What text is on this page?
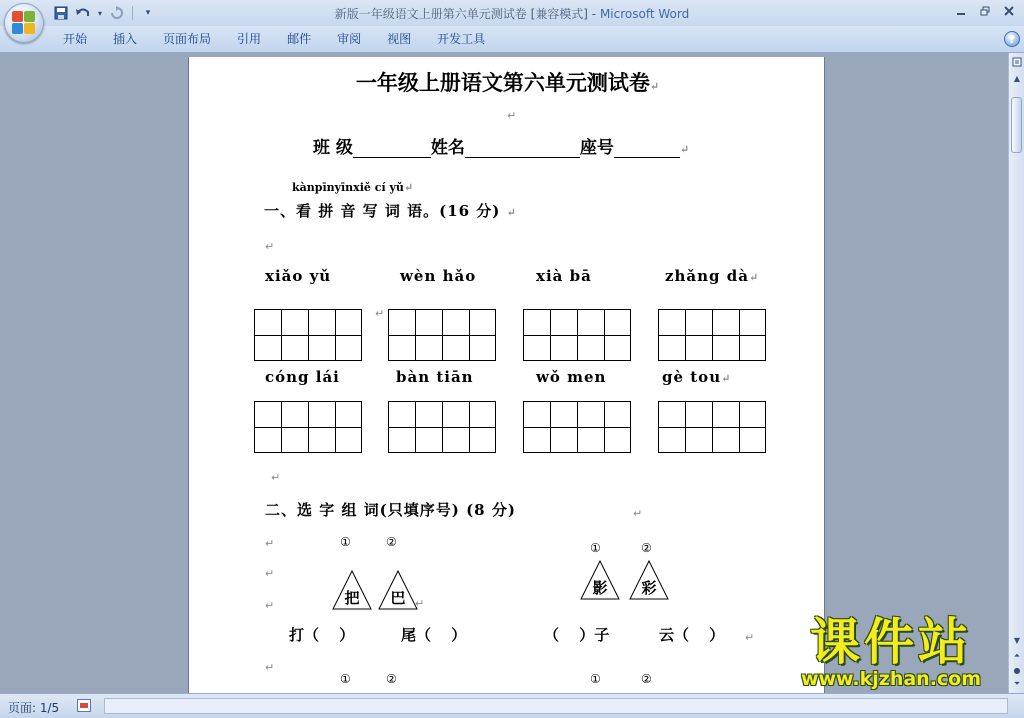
▾	▾	新版一年级语文上册第六单元测试卷 [兼容模式] - Microsoft Word
开始	插入	页面布局	引用	邮件	审阅	视图	开发工具	?
一年级上册语文第六单元测试卷↵
↵
班 级	姓名	座号	↵
kànpīnyīnxiě cí yǔ↵
一、看 拼 音 写 词 语。(16 分) ↵
↵
xiǎo yǔ	wèn hǎo	xià bā	zhǎng dà↵
↵
cóng lái	bàn tiān	wǒ men	gè tou↵
↵
二、选 字 组 词(只填序号) (8 分)	↵
↵
↵
↵
①	②	①	②
把	巴
影	彩
↵
打（　 ）	尾（　 ）	（　 ）子	云（　 ） ↵
↵
①	②	①	②
▲
▼
⏶
●
⏷
页面: 1/5
课件站
www.kjzhan.com
